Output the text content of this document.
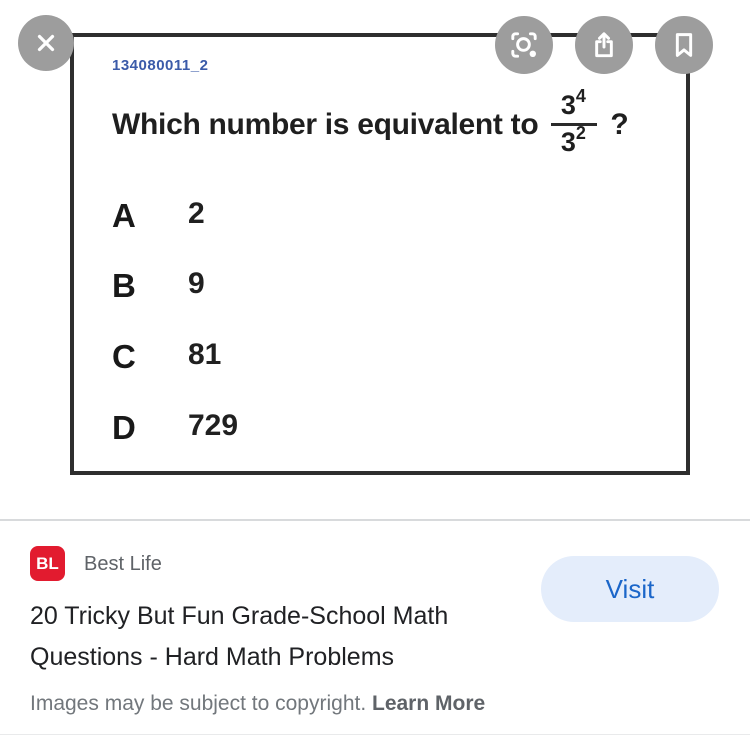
134080011_2
Which number is equivalent to $\frac{3^4}{3^2}$ ?
A	2
B	9
C	81
D	729
BL	Best Life
Visit
20 Tricky But Fun Grade-School Math
Questions - Hard Math Problems
Images may be subject to copyright. Learn More
